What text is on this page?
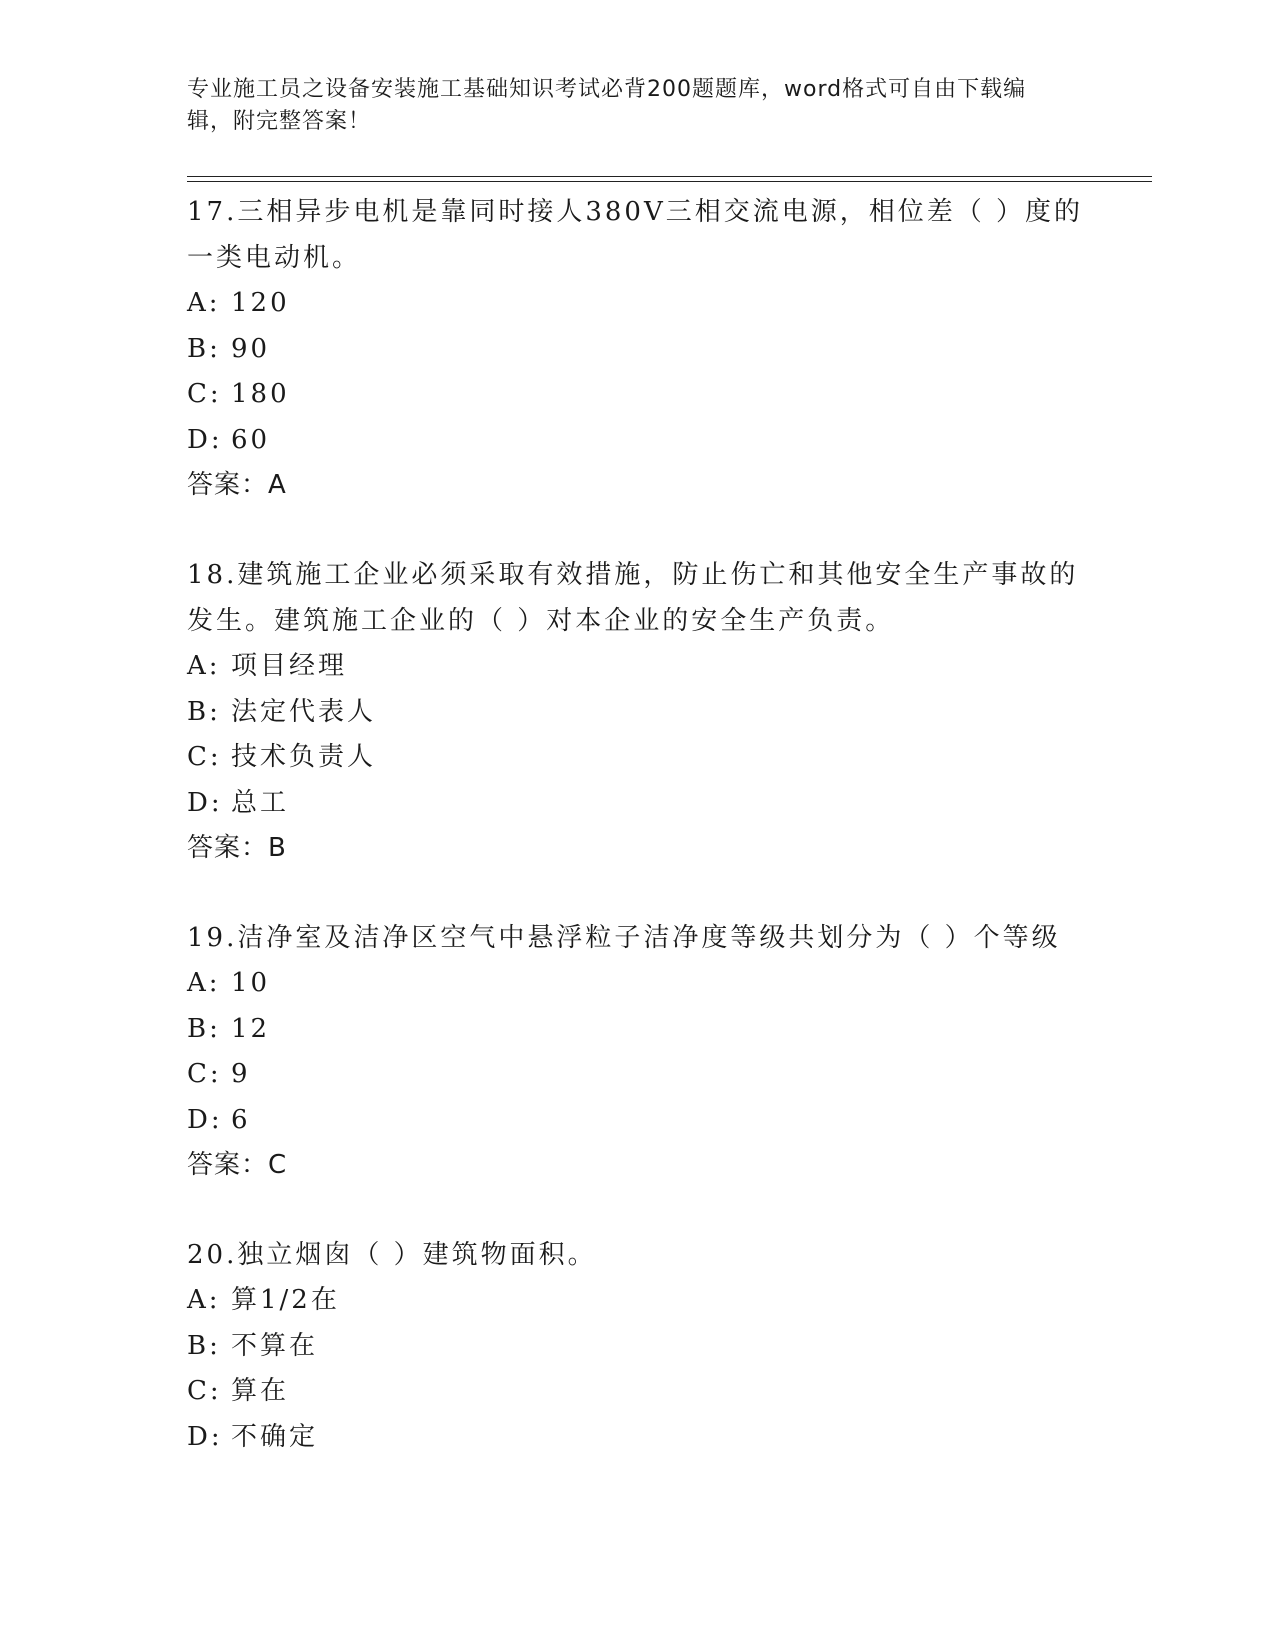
专业施工员之设备安装施工基础知识考试必背200题题库，word格式可自由下载编辑，附完整答案！

17.三相异步电机是靠同时接人380V三相交流电源，相位差（ ）度的一类电动机。

A: 120

B: 90

C: 180

D: 60

答案：A

18.建筑施工企业必须采取有效措施，防止伤亡和其他安全生产事故的发生。建筑施工企业的（ ）对本企业的安全生产负责。

A: 项目经理

B: 法定代表人

C: 技术负责人

D: 总工

答案：B

19.洁净室及洁净区空气中悬浮粒子洁净度等级共划分为（ ）个等级

A: 10

B: 12

C: 9

D: 6

答案：C

20.独立烟囱（ ）建筑物面积。

A: 算1/2在

B: 不算在

C: 算在

D: 不确定
